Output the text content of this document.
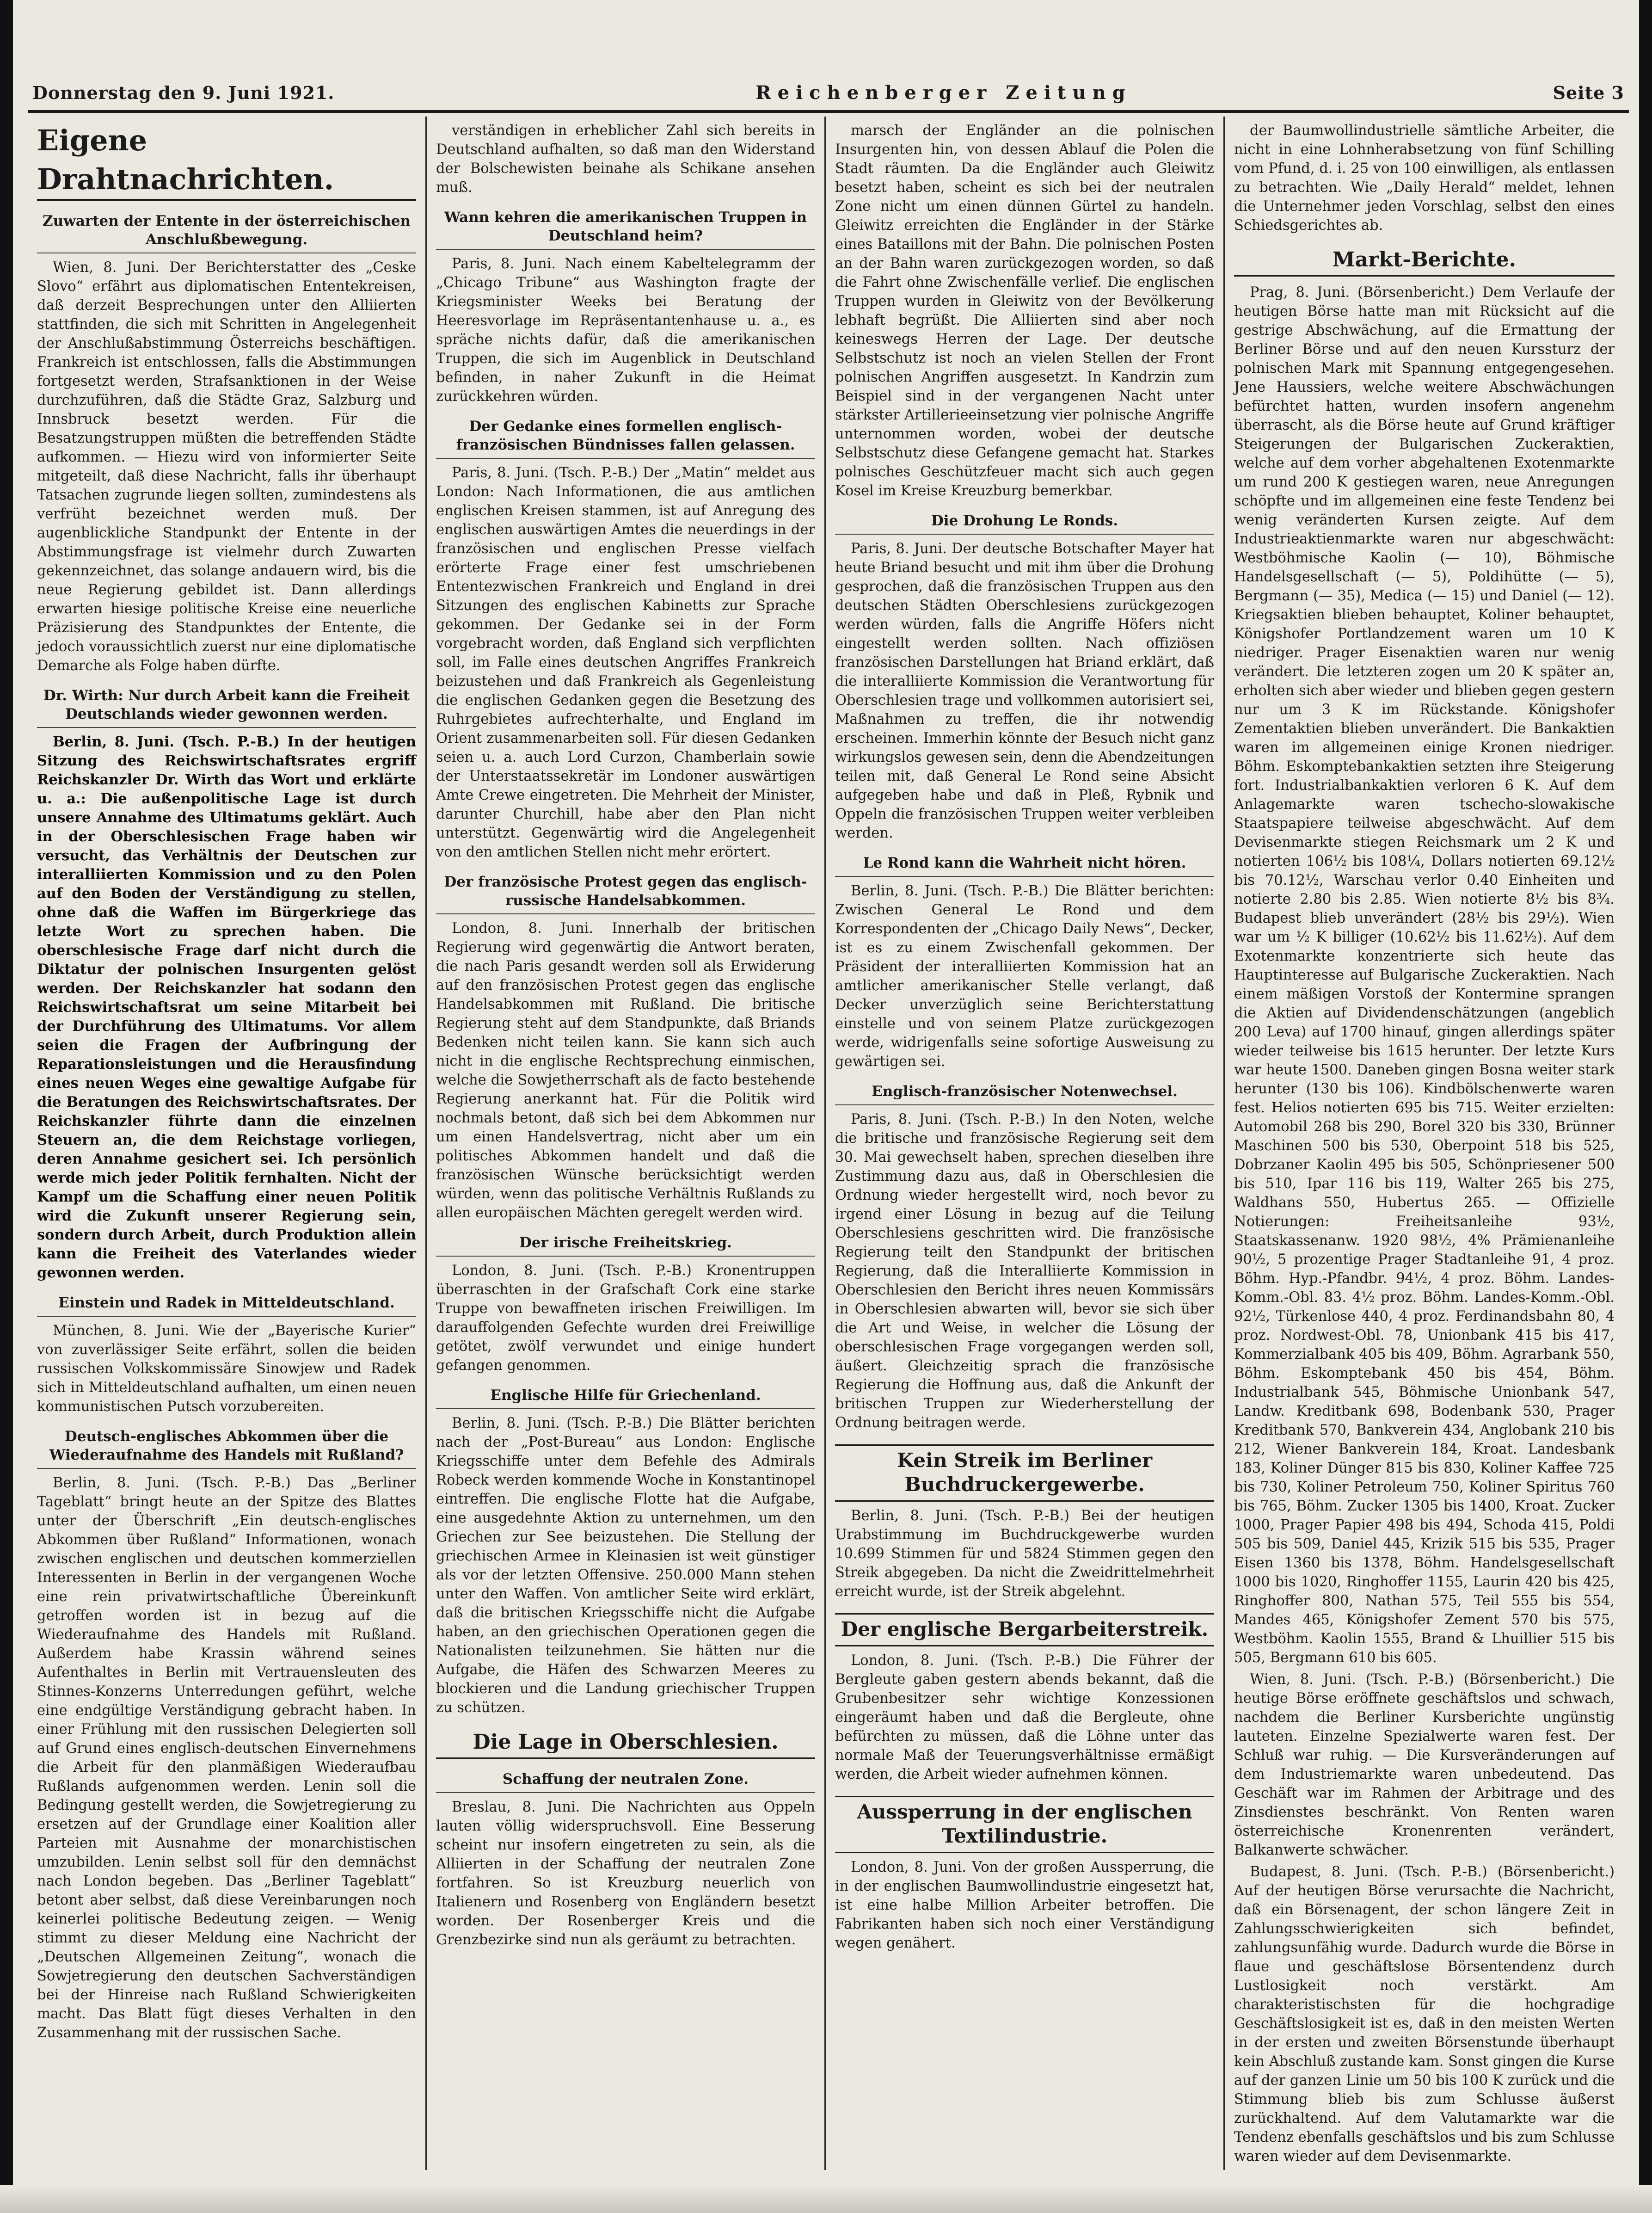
Donnerstag den 9. Juni 1921.	Reichenberger Zeitung	Seite 3
Eigene Drahtnachrichten.
Zuwarten der Entente in der österreichischen Anschlußbewegung.

Wien, 8. Juni. Der Berichterstatter des „Ceske Slovo“ erfährt aus diplomatischen Ententekreisen, daß derzeit Besprechungen unter den Alliierten stattfinden, die sich mit Schritten in Angelegenheit der Anschlußabstimmung Österreichs beschäftigen. Frankreich ist entschlossen, falls die Abstimmungen fortgesetzt werden, Strafsanktionen in der Weise durchzuführen, daß die Städte Graz, Salzburg und Innsbruck besetzt werden. Für die Besatzungstruppen müßten die betreffenden Städte aufkommen. — Hiezu wird von informierter Seite mitgeteilt, daß diese Nachricht, falls ihr überhaupt Tatsachen zugrunde liegen sollten, zumindestens als verfrüht bezeichnet werden muß. Der augenblickliche Standpunkt der Entente in der Abstimmungsfrage ist vielmehr durch Zuwarten gekennzeichnet, das solange andauern wird, bis die neue Regierung gebildet ist. Dann allerdings erwarten hiesige politische Kreise eine neuerliche Präzisierung des Standpunktes der Entente, die jedoch voraussichtlich zuerst nur eine diplomatische Demarche als Folge haben dürfte.

Dr. Wirth: Nur durch Arbeit kann die Freiheit Deutschlands wieder gewonnen werden.

Berlin, 8. Juni. (Tsch. P.-B.) In der heutigen Sitzung des Reichswirtschaftsrates ergriff Reichskanzler Dr. Wirth das Wort und erklärte u. a.: Die außenpolitische Lage ist durch unsere Annahme des Ultimatums geklärt. Auch in der Oberschlesischen Frage haben wir versucht, das Verhältnis der Deutschen zur interalliierten Kommission und zu den Polen auf den Boden der Verständigung zu stellen, ohne daß die Waffen im Bürgerkriege das letzte Wort zu sprechen haben. Die oberschlesische Frage darf nicht durch die Diktatur der polnischen Insurgenten gelöst werden. Der Reichskanzler hat sodann den Reichswirtschaftsrat um seine Mitarbeit bei der Durchführung des Ultimatums. Vor allem seien die Fragen der Aufbringung der Reparationsleistungen und die Herausfindung eines neuen Weges eine gewaltige Aufgabe für die Beratungen des Reichswirtschaftsrates. Der Reichskanzler führte dann die einzelnen Steuern an, die dem Reichstage vorliegen, deren Annahme gesichert sei. Ich persönlich werde mich jeder Politik fernhalten. Nicht der Kampf um die Schaffung einer neuen Politik wird die Zukunft unserer Regierung sein, sondern durch Arbeit, durch Produktion allein kann die Freiheit des Vaterlandes wieder gewonnen werden.

Einstein und Radek in Mitteldeutschland.

München, 8. Juni. Wie der „Bayerische Kurier“ von zuverlässiger Seite erfährt, sollen die beiden russischen Volkskommissäre Sinowjew und Radek sich in Mitteldeutschland aufhalten, um einen neuen kommunistischen Putsch vorzubereiten.

Deutsch-englisches Abkommen über die Wiederaufnahme des Handels mit Rußland?

Berlin, 8. Juni. (Tsch. P.-B.) Das „Berliner Tageblatt“ bringt heute an der Spitze des Blattes unter der Überschrift „Ein deutsch-englisches Abkommen über Rußland“ Informationen, wonach zwischen englischen und deutschen kommerziellen Interessenten in Berlin in der vergangenen Woche eine rein privatwirtschaftliche Übereinkunft getroffen worden ist in bezug auf die Wiederaufnahme des Handels mit Rußland. Außerdem habe Krassin während seines Aufenthaltes in Berlin mit Vertrauensleuten des Stinnes-Konzerns Unterredungen geführt, welche eine endgültige Verständigung gebracht haben. In einer Frühlung mit den russischen Delegierten soll auf Grund eines englisch-deutschen Einvernehmens die Arbeit für den planmäßigen Wiederaufbau Rußlands aufgenommen werden. Lenin soll die Bedingung gestellt werden, die Sowjetregierung zu ersetzen auf der Grundlage einer Koalition aller Parteien mit Ausnahme der monarchistischen umzubilden. Lenin selbst soll für den demnächst nach London begeben. Das „Berliner Tageblatt“ betont aber selbst, daß diese Vereinbarungen noch keinerlei politische Bedeutung zeigen. — Wenig stimmt zu dieser Meldung eine Nachricht der „Deutschen Allgemeinen Zeitung“, wonach die Sowjetregierung den deutschen Sachverständigen bei der Hinreise nach Rußland Schwierigkeiten macht. Das Blatt fügt dieses Verhalten in den Zusammenhang mit der russischen Sache.

verständigen in erheblicher Zahl sich bereits in Deutschland aufhalten, so daß man den Widerstand der Bolschewisten beinahe als Schikane ansehen muß.

Wann kehren die amerikanischen Truppen in Deutschland heim?

Paris, 8. Juni. Nach einem Kabeltelegramm der „Chicago Tribune“ aus Washington fragte der Kriegsminister Weeks bei Beratung der Heeresvorlage im Repräsentantenhause u. a., es spräche nichts dafür, daß die amerikanischen Truppen, die sich im Augenblick in Deutschland befinden, in naher Zukunft in die Heimat zurückkehren würden.

Der Gedanke eines formellen englisch-französischen Bündnisses fallen gelassen.

Paris, 8. Juni. (Tsch. P.-B.) Der „Matin“ meldet aus London: Nach Informationen, die aus amtlichen englischen Kreisen stammen, ist auf Anregung des englischen auswärtigen Amtes die neuerdings in der französischen und englischen Presse vielfach erörterte Frage einer fest umschriebenen Ententezwischen Frankreich und England in drei Sitzungen des englischen Kabinetts zur Sprache gekommen. Der Gedanke sei in der Form vorgebracht worden, daß England sich verpflichten soll, im Falle eines deutschen Angriffes Frankreich beizustehen und daß Frankreich als Gegenleistung die englischen Gedanken gegen die Besetzung des Ruhrgebietes aufrechterhalte, und England im Orient zusammenarbeiten soll. Für diesen Gedanken seien u. a. auch Lord Curzon, Chamberlain sowie der Unterstaatssekretär im Londoner auswärtigen Amte Crewe eingetreten. Die Mehrheit der Minister, darunter Churchill, habe aber den Plan nicht unterstützt. Gegenwärtig wird die Angelegenheit von den amtlichen Stellen nicht mehr erörtert.

Der französische Protest gegen das englisch-russische Handelsabkommen.

London, 8. Juni. Innerhalb der britischen Regierung wird gegenwärtig die Antwort beraten, die nach Paris gesandt werden soll als Erwiderung auf den französischen Protest gegen das englische Handelsabkommen mit Rußland. Die britische Regierung steht auf dem Standpunkte, daß Briands Bedenken nicht teilen kann. Sie kann sich auch nicht in die englische Rechtsprechung einmischen, welche die Sowjetherrschaft als de facto bestehende Regierung anerkannt hat. Für die Politik wird nochmals betont, daß sich bei dem Abkommen nur um einen Handelsvertrag, nicht aber um ein politisches Abkommen handelt und daß die französischen Wünsche berücksichtigt werden würden, wenn das politische Verhältnis Rußlands zu allen europäischen Mächten geregelt werden wird.

Der irische Freiheitskrieg.

London, 8. Juni. (Tsch. P.-B.) Kronentruppen überraschten in der Grafschaft Cork eine starke Truppe von bewaffneten irischen Freiwilligen. Im darauffolgenden Gefechte wurden drei Freiwillige getötet, zwölf verwundet und einige hundert gefangen genommen.

Englische Hilfe für Griechenland.

Berlin, 8. Juni. (Tsch. P.-B.) Die Blätter berichten nach der „Post-Bureau“ aus London: Englische Kriegsschiffe unter dem Befehle des Admirals Robeck werden kommende Woche in Konstantinopel eintreffen. Die englische Flotte hat die Aufgabe, eine ausgedehnte Aktion zu unternehmen, um den Griechen zur See beizustehen. Die Stellung der griechischen Armee in Kleinasien ist weit günstiger als vor der letzten Offensive. 250.000 Mann stehen unter den Waffen. Von amtlicher Seite wird erklärt, daß die britischen Kriegsschiffe nicht die Aufgabe haben, an den griechischen Operationen gegen die Nationalisten teilzunehmen. Sie hätten nur die Aufgabe, die Häfen des Schwarzen Meeres zu blockieren und die Landung griechischer Truppen zu schützen.

Die Lage in Oberschlesien.
Schaffung der neutralen Zone.

Breslau, 8. Juni. Die Nachrichten aus Oppeln lauten völlig widerspruchsvoll. Eine Besserung scheint nur insofern eingetreten zu sein, als die Alliierten in der Schaffung der neutralen Zone fortfahren. So ist Kreuzburg neuerlich von Italienern und Rosenberg von Engländern besetzt worden. Der Rosenberger Kreis und die Grenzbezirke sind nun als geräumt zu betrachten.

marsch der Engländer an die polnischen Insurgenten hin, von dessen Ablauf die Polen die Stadt räumten. Da die Engländer auch Gleiwitz besetzt haben, scheint es sich bei der neutralen Zone nicht um einen dünnen Gürtel zu handeln. Gleiwitz erreichten die Engländer in der Stärke eines Bataillons mit der Bahn. Die polnischen Posten an der Bahn waren zurückgezogen worden, so daß die Fahrt ohne Zwischenfälle verlief. Die englischen Truppen wurden in Gleiwitz von der Bevölkerung lebhaft begrüßt. Die Alliierten sind aber noch keineswegs Herren der Lage. Der deutsche Selbstschutz ist noch an vielen Stellen der Front polnischen Angriffen ausgesetzt. In Kandrzin zum Beispiel sind in der vergangenen Nacht unter stärkster Artillerieeinsetzung vier polnische Angriffe unternommen worden, wobei der deutsche Selbstschutz diese Gefangene gemacht hat. Starkes polnisches Geschützfeuer macht sich auch gegen Kosel im Kreise Kreuzburg bemerkbar.

Die Drohung Le Ronds.

Paris, 8. Juni. Der deutsche Botschafter Mayer hat heute Briand besucht und mit ihm über die Drohung gesprochen, daß die französischen Truppen aus den deutschen Städten Oberschlesiens zurückgezogen werden würden, falls die Angriffe Höfers nicht eingestellt werden sollten. Nach offiziösen französischen Darstellungen hat Briand erklärt, daß die interalliierte Kommission die Verantwortung für Oberschlesien trage und vollkommen autorisiert sei, Maßnahmen zu treffen, die ihr notwendig erscheinen. Immerhin könnte der Besuch nicht ganz wirkungslos gewesen sein, denn die Abendzeitungen teilen mit, daß General Le Rond seine Absicht aufgegeben habe und daß in Pleß, Rybnik und Oppeln die französischen Truppen weiter verbleiben werden.

Le Rond kann die Wahrheit nicht hören.

Berlin, 8. Juni. (Tsch. P.-B.) Die Blätter berichten: Zwischen General Le Rond und dem Korrespondenten der „Chicago Daily News“, Decker, ist es zu einem Zwischenfall gekommen. Der Präsident der interalliierten Kommission hat an amtlicher amerikanischer Stelle verlangt, daß Decker unverzüglich seine Berichterstattung einstelle und von seinem Platze zurückgezogen werde, widrigenfalls seine sofortige Ausweisung zu gewärtigen sei.

Englisch-französischer Notenwechsel.

Paris, 8. Juni. (Tsch. P.-B.) In den Noten, welche die britische und französische Regierung seit dem 30. Mai gewechselt haben, sprechen dieselben ihre Zustimmung dazu aus, daß in Oberschlesien die Ordnung wieder hergestellt wird, noch bevor zu irgend einer Lösung in bezug auf die Teilung Oberschlesiens geschritten wird. Die französische Regierung teilt den Standpunkt der britischen Regierung, daß die Interalliierte Kommission in Oberschlesien den Bericht ihres neuen Kommissärs in Oberschlesien abwarten will, bevor sie sich über die Art und Weise, in welcher die Lösung der oberschlesischen Frage vorgegangen werden soll, äußert. Gleichzeitig sprach die französische Regierung die Hoffnung aus, daß die Ankunft der britischen Truppen zur Wiederherstellung der Ordnung beitragen werde.

Kein Streik im Berliner Buchdruckergewerbe.

Berlin, 8. Juni. (Tsch. P.-B.) Bei der heutigen Urabstimmung im Buchdruckgewerbe wurden 10.699 Stimmen für und 5824 Stimmen gegen den Streik abgegeben. Da nicht die Zweidrittelmehrheit erreicht wurde, ist der Streik abgelehnt.

Der englische Bergarbeiterstreik.

London, 8. Juni. (Tsch. P.-B.) Die Führer der Bergleute gaben gestern abends bekannt, daß die Grubenbesitzer sehr wichtige Konzessionen eingeräumt haben und daß die Bergleute, ohne befürchten zu müssen, daß die Löhne unter das normale Maß der Teuerungsverhältnisse ermäßigt werden, die Arbeit wieder aufnehmen können.

Aussperrung in der englischen Textilindustrie.

London, 8. Juni. Von der großen Aussperrung, die in der englischen Baumwollindustrie eingesetzt hat, ist eine halbe Million Arbeiter betroffen. Die Fabrikanten haben sich noch einer Verständigung wegen genähert.

der Baumwollindustrielle sämtliche Arbeiter, die nicht in eine Lohnherabsetzung von fünf Schilling vom Pfund, d. i. 25 von 100 einwilligen, als entlassen zu betrachten. Wie „Daily Herald“ meldet, lehnen die Unternehmer jeden Vorschlag, selbst den eines Schiedsgerichtes ab.

Markt-Berichte.

Prag, 8. Juni. (Börsenbericht.) Dem Verlaufe der heutigen Börse hatte man mit Rücksicht auf die gestrige Abschwächung, auf die Ermattung der Berliner Börse und auf den neuen Kurssturz der polnischen Mark mit Spannung entgegengesehen. Jene Haussiers, welche weitere Abschwächungen befürchtet hatten, wurden insofern angenehm überrascht, als die Börse heute auf Grund kräftiger Steigerungen der Bulgarischen Zuckeraktien, welche auf dem vorher abgehaltenen Exotenmarkte um rund 200 K gestiegen waren, neue Anregungen schöpfte und im allgemeinen eine feste Tendenz bei wenig veränderten Kursen zeigte. Auf dem Industrieaktienmarkte waren nur abgeschwächt: Westböhmische Kaolin (— 10), Böhmische Handelsgesellschaft (— 5), Poldihütte (— 5), Bergmann (— 35), Medica (— 15) und Daniel (— 12). Kriegsaktien blieben behauptet, Koliner behauptet, Königshofer Portlandzement waren um 10 K niedriger. Prager Eisenaktien waren nur wenig verändert. Die letzteren zogen um 20 K später an, erholten sich aber wieder und blieben gegen gestern nur um 3 K im Rückstande. Königshofer Zementaktien blieben unverändert. Die Bankaktien waren im allgemeinen einige Kronen niedriger. Böhm. Eskomptebankaktien setzten ihre Steigerung fort. Industrialbankaktien verloren 6 K. Auf dem Anlagemarkte waren tschecho-slowakische Staatspapiere teilweise abgeschwächt. Auf dem Devisenmarkte stiegen Reichsmark um 2 K und notierten 106½ bis 108¼, Dollars notierten 69.12½ bis 70.12½, Warschau verlor 0.40 Einheiten und notierte 2.80 bis 2.85. Wien notierte 8½ bis 8¾. Budapest blieb unverändert (28½ bis 29½). Wien war um ½ K billiger (10.62½ bis 11.62½). Auf dem Exotenmarkte konzentrierte sich heute das Hauptinteresse auf Bulgarische Zuckeraktien. Nach einem mäßigen Vorstoß der Kontermine sprangen die Aktien auf Dividendenschätzungen (angeblich 200 Leva) auf 1700 hinauf, gingen allerdings später wieder teilweise bis 1615 herunter. Der letzte Kurs war heute 1500. Daneben gingen Bosna weiter stark herunter (130 bis 106). Kindbölschenwerte waren fest. Helios notierten 695 bis 715. Weiter erzielten: Automobil 268 bis 290, Borel 320 bis 330, Brünner Maschinen 500 bis 530, Oberpoint 518 bis 525, Dobrzaner Kaolin 495 bis 505, Schönpriesener 500 bis 510, Ipar 116 bis 119, Walter 265 bis 275, Waldhans 550, Hubertus 265. — Offizielle Notierungen: Freiheitsanleihe 93½, Staatskassenanw. 1920 98½, 4% Prämienanleihe 90½, 5 prozentige Prager Stadtanleihe 91, 4 proz. Böhm. Hyp.-Pfandbr. 94½, 4 proz. Böhm. Landes-Komm.-Obl. 83. 4½ proz. Böhm. Landes-Komm.-Obl. 92½, Türkenlose 440, 4 proz. Ferdinandsbahn 80, 4 proz. Nordwest-Obl. 78, Unionbank 415 bis 417, Kommerzialbank 405 bis 409, Böhm. Agrarbank 550, Böhm. Eskomptebank 450 bis 454, Böhm. Industrialbank 545, Böhmische Unionbank 547, Landw. Kreditbank 698, Bodenbank 530, Prager Kreditbank 570, Bankverein 434, Anglobank 210 bis 212, Wiener Bankverein 184, Kroat. Landesbank 183, Koliner Dünger 815 bis 830, Koliner Kaffee 725 bis 730, Koliner Petroleum 750, Koliner Spiritus 760 bis 765, Böhm. Zucker 1305 bis 1400, Kroat. Zucker 1000, Prager Papier 498 bis 494, Schoda 415, Poldi 505 bis 509, Daniel 445, Krizik 515 bis 535, Prager Eisen 1360 bis 1378, Böhm. Handelsgesellschaft 1000 bis 1020, Ringhoffer 1155, Laurin 420 bis 425, Ringhoffer 800, Nathan 575, Teil 555 bis 554, Mandes 465, Königshofer Zement 570 bis 575, Westböhm. Kaolin 1555, Brand & Lhuillier 515 bis 505, Bergmann 610 bis 605.

Wien, 8. Juni. (Tsch. P.-B.) (Börsenbericht.) Die heutige Börse eröffnete geschäftslos und schwach, nachdem die Berliner Kursberichte ungünstig lauteten. Einzelne Spezialwerte waren fest. Der Schluß war ruhig. — Die Kursveränderungen auf dem Industriemarkte waren unbedeutend. Das Geschäft war im Rahmen der Arbitrage und des Zinsdienstes beschränkt. Von Renten waren österreichische Kronenrenten verändert, Balkanwerte schwächer.

Budapest, 8. Juni. (Tsch. P.-B.) (Börsenbericht.) Auf der heutigen Börse verursachte die Nachricht, daß ein Börsenagent, der schon längere Zeit in Zahlungsschwierigkeiten sich befindet, zahlungsunfähig wurde. Dadurch wurde die Börse in flaue und geschäftslose Börsentendenz durch Lustlosigkeit noch verstärkt. Am charakteristischsten für die hochgradige Geschäftslosigkeit ist es, daß in den meisten Werten in der ersten und zweiten Börsenstunde überhaupt kein Abschluß zustande kam. Sonst gingen die Kurse auf der ganzen Linie um 50 bis 100 K zurück und die Stimmung blieb bis zum Schlusse äußerst zurückhaltend. Auf dem Valutamarkte war die Tendenz ebenfalls geschäftslos und bis zum Schlusse waren wieder auf dem Devisenmarkte.
